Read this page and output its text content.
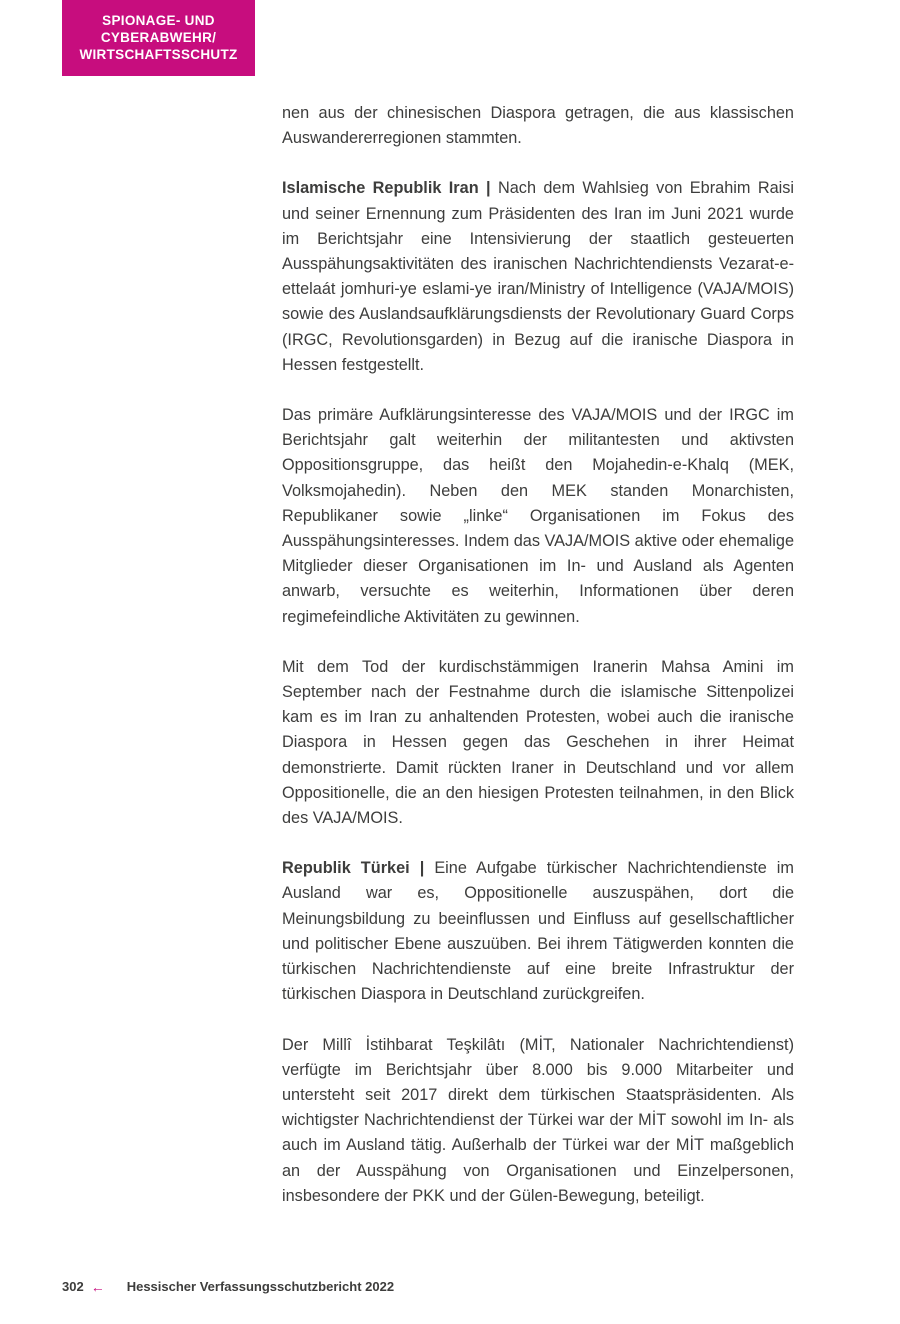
SPIONAGE- UND
CYBERABWEHR/
WIRTSCHAFTSSCHUTZ

nen aus der chinesischen Diaspora getragen, die aus klassischen Auswandererregionen stammten.

Islamische Republik Iran | Nach dem Wahlsieg von Ebrahim Raisi und seiner Ernennung zum Präsidenten des Iran im Juni 2021 wurde im Berichtsjahr eine Intensivierung der staatlich gesteuerten Ausspähungsaktivitäten des iranischen Nachrichtendiensts Vezarat-e-ettelaát jomhuri-ye eslami-ye iran/Ministry of Intelligence (VAJA/MOIS) sowie des Auslandsaufklärungsdiensts der Revolutionary Guard Corps (IRGC, Revolutionsgarden) in Bezug auf die iranische Diaspora in Hessen festgestellt.

Das primäre Aufklärungsinteresse des VAJA/MOIS und der IRGC im Berichtsjahr galt weiterhin der militantesten und aktivsten Oppositionsgruppe, das heißt den Mojahedin-e-Khalq (MEK, Volksmojahedin). Neben den MEK standen Monarchisten, Republikaner sowie „linke“ Organisationen im Fokus des Ausspähungsinteresses. Indem das VAJA/MOIS aktive oder ehemalige Mitglieder dieser Organisationen im In- und Ausland als Agenten anwarb, versuchte es weiterhin, Informationen über deren regimefeindliche Aktivitäten zu gewinnen.

Mit dem Tod der kurdischstämmigen Iranerin Mahsa Amini im September nach der Festnahme durch die islamische Sittenpolizei kam es im Iran zu anhaltenden Protesten, wobei auch die iranische Diaspora in Hessen gegen das Geschehen in ihrer Heimat demonstrierte. Damit rückten Iraner in Deutschland und vor allem Oppositionelle, die an den hiesigen Protesten teilnahmen, in den Blick des VAJA/MOIS.

Republik Türkei | Eine Aufgabe türkischer Nachrichtendienste im Ausland war es, Oppositionelle auszuspähen, dort die Meinungsbildung zu beeinflussen und Einfluss auf gesellschaftlicher und politischer Ebene auszuüben. Bei ihrem Tätigwerden konnten die türkischen Nachrichtendienste auf eine breite Infrastruktur der türkischen Diaspora in Deutschland zurückgreifen.

Der Millî İstihbarat Teşkilâtı (MİT, Nationaler Nachrichtendienst) verfügte im Berichtsjahr über 8.000 bis 9.000 Mitarbeiter und untersteht seit 2017 direkt dem türkischen Staatspräsidenten. Als wichtigster Nachrichtendienst der Türkei war der MİT sowohl im In- als auch im Ausland tätig. Außerhalb der Türkei war der MİT maßgeblich an der Ausspähung von Organisationen und Einzelpersonen, insbesondere der PKK und der Gülen-Bewegung, beteiligt.

302 ← Hessischer Verfassungsschutzbericht 2022
